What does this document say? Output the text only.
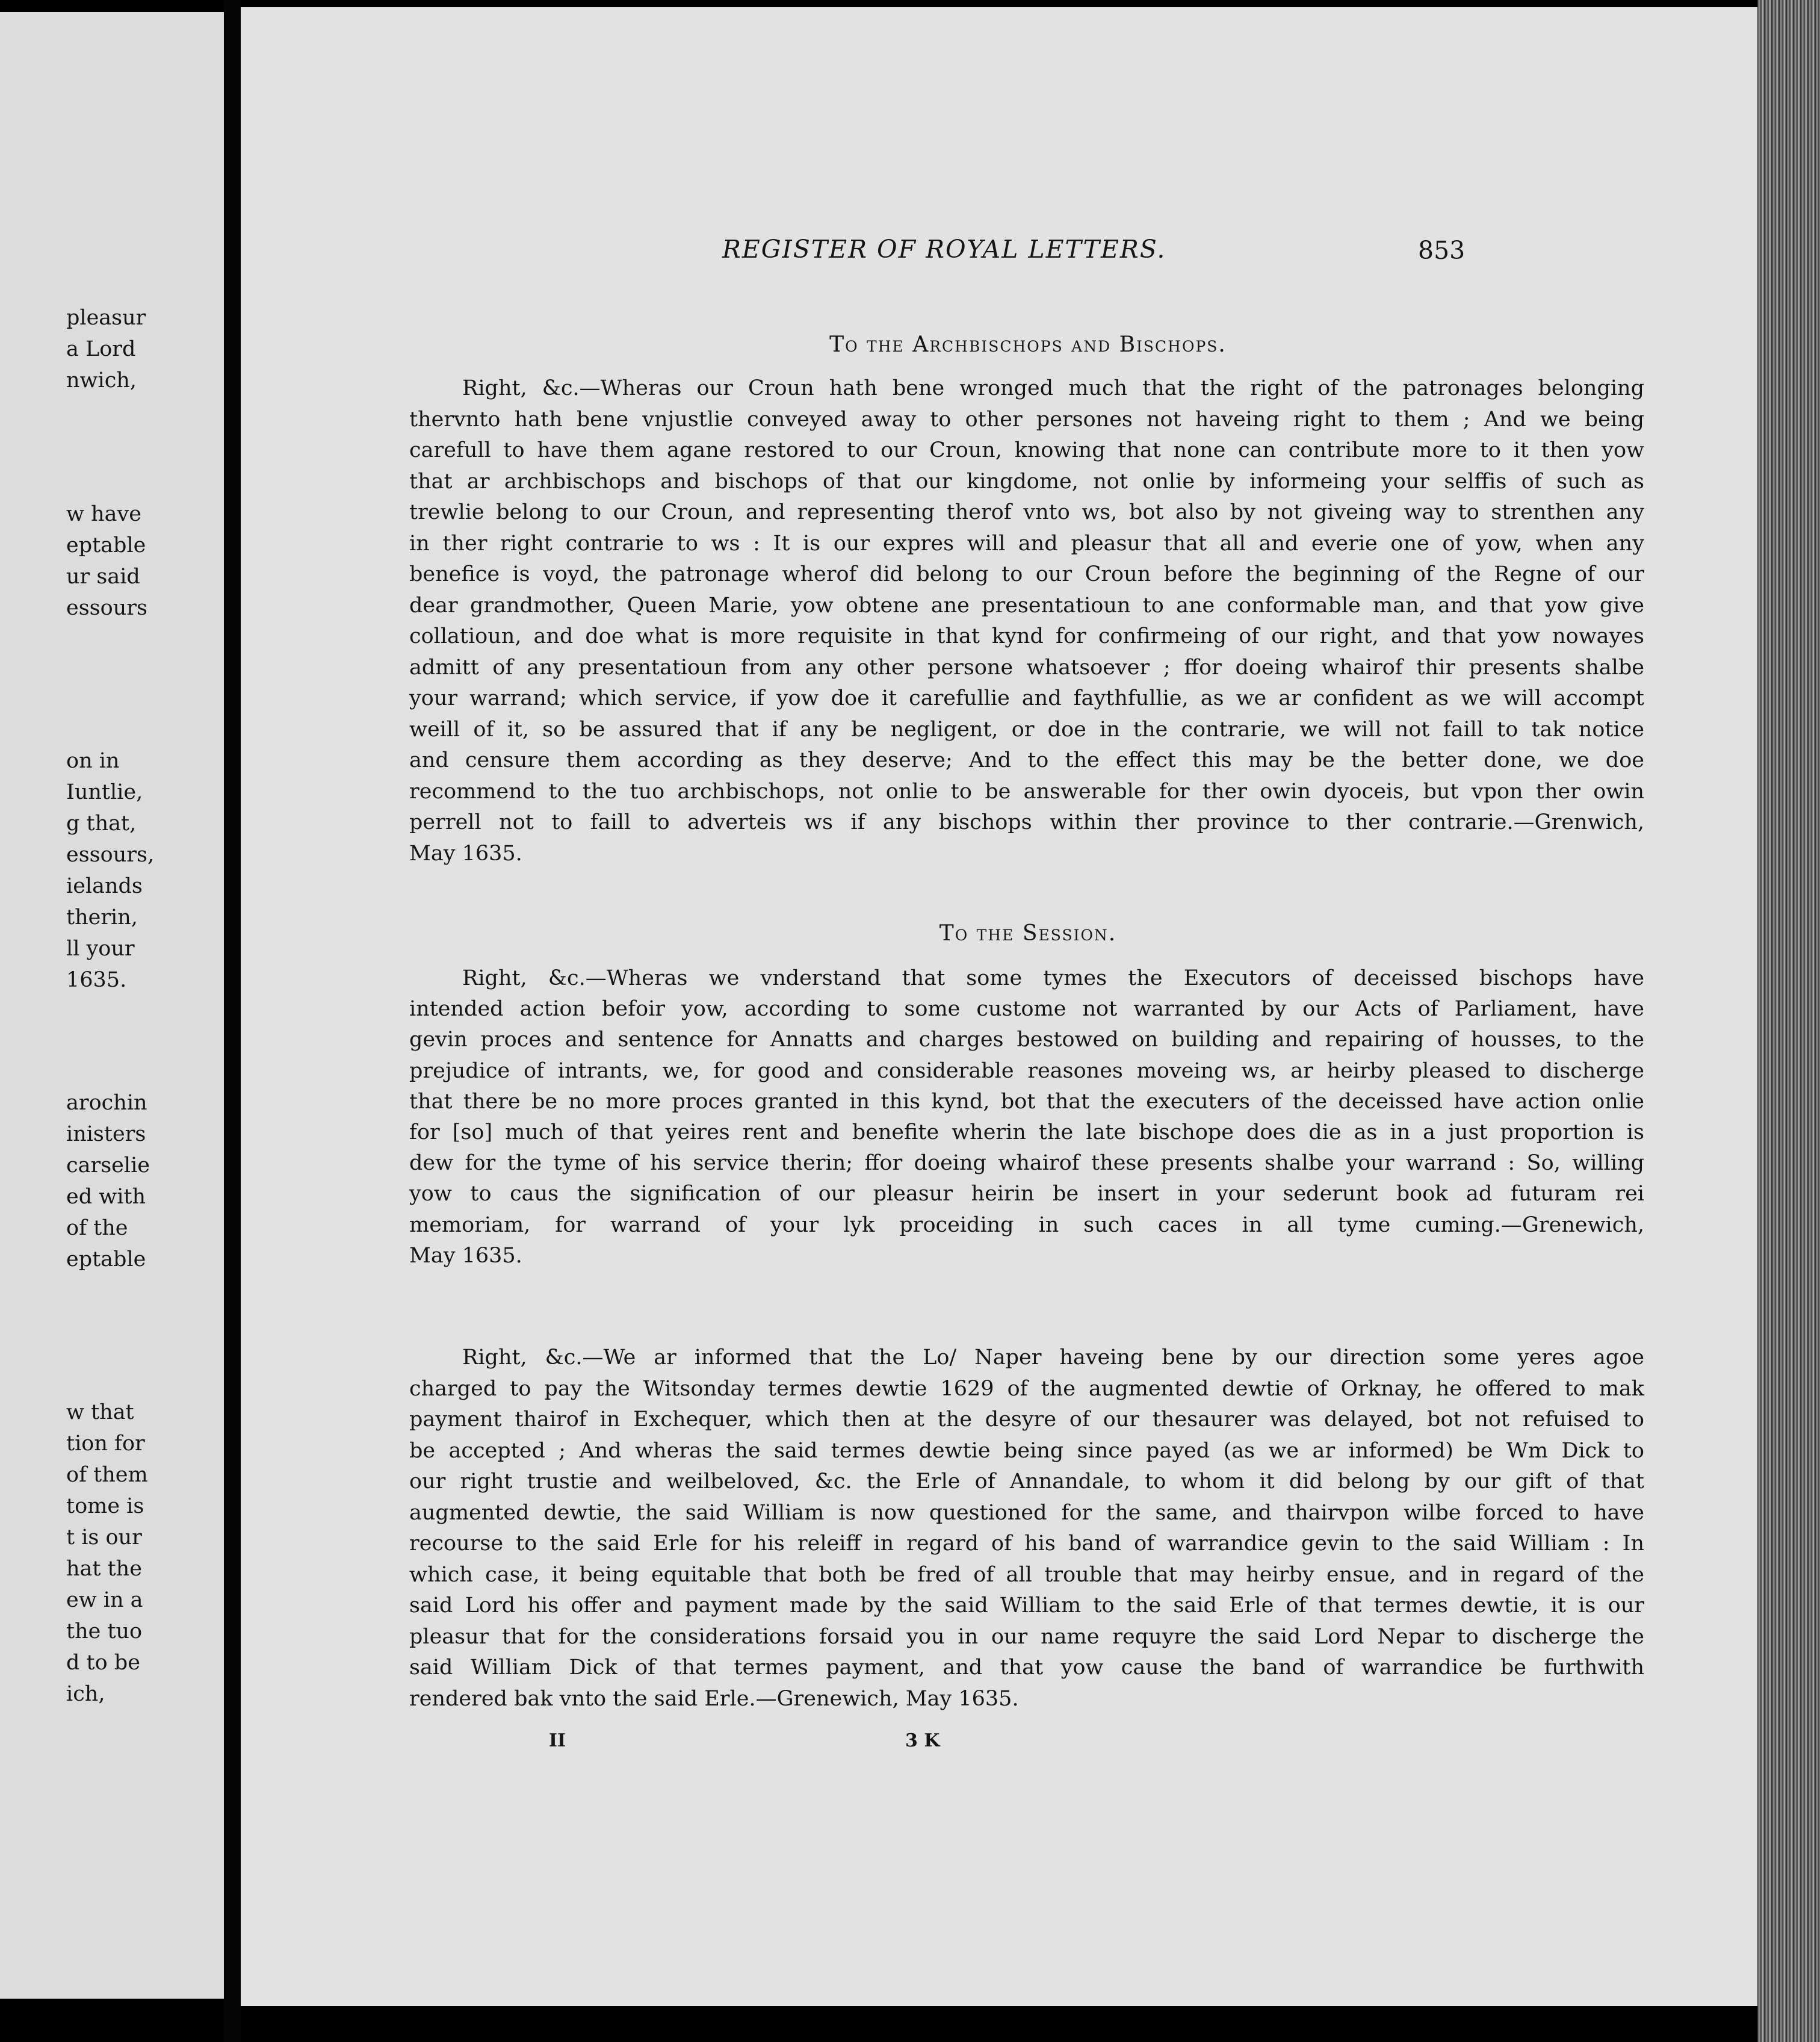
pleasur
a Lord
nwich,
w have
eptable
ur said
essours
on in
Iuntlie,
g that,
essours,
ielands
therin,
ll your
1635.
arochin
inisters
carselie
ed with
of the
eptable
w that
tion for
of them
tome is
t is our
hat the
ew in a
the tuo
d to be
ich,
REGISTER OF ROYAL LETTERS.	853
To the Archbischops and Bischops.
Right, &c.—Wheras our Croun hath bene wronged much that the right of the patronages belonging
thervnto hath bene vnjustlie conveyed away to other persones not haveing right to them ; And we being
carefull to have them agane restored to our Croun, knowing that none can contribute more to it then yow
that ar archbischops and bischops of that our kingdome, not onlie by informeing your selffis of such as
trewlie belong to our Croun, and representing therof vnto ws, bot also by not giveing way to strenthen any
in ther right contrarie to ws : It is our expres will and pleasur that all and everie one of yow, when any
benefice is voyd, the patronage wherof did belong to our Croun before the beginning of the Regne of our
dear grandmother, Queen Marie, yow obtene ane presentatioun to ane conformable man, and that yow give
collatioun, and doe what is more requisite in that kynd for confirmeing of our right, and that yow nowayes
admitt of any presentatioun from any other persone whatsoever ; ffor doeing whairof thir presents shalbe
your warrand; which service, if yow doe it carefullie and faythfullie, as we ar confident as we will accompt
weill of it, so be assured that if any be negligent, or doe in the contrarie, we will not faill to tak notice
and censure them according as they deserve; And to the effect this may be the better done, we doe
recommend to the tuo archbischops, not onlie to be answerable for ther owin dyoceis, but vpon ther owin
perrell not to faill to adverteis ws if any bischops within ther province to ther contrarie.—Grenwich,
May 1635.
To the Session.
Right, &c.—Wheras we vnderstand that some tymes the Executors of deceissed bischops have
intended action befoir yow, according to some custome not warranted by our Acts of Parliament, have
gevin proces and sentence for Annatts and charges bestowed on building and repairing of housses, to the
prejudice of intrants, we, for good and considerable reasones moveing ws, ar heirby pleased to discherge
that there be no more proces granted in this kynd, bot that the executers of the deceissed have action onlie
for [so] much of that yeires rent and benefite wherin the late bischope does die as in a just proportion is
dew for the tyme of his service therin; ffor doeing whairof these presents shalbe your warrand : So, willing
yow to caus the signification of our pleasur heirin be insert in your sederunt book ad futuram rei
memoriam, for warrand of your lyk proceiding in such caces in all tyme cuming.—Grenewich,
May 1635.
Right, &c.—We ar informed that the Lo/ Naper haveing bene by our direction some yeres agoe
charged to pay the Witsonday termes dewtie 1629 of the augmented dewtie of Orknay, he offered to mak
payment thairof in Exchequer, which then at the desyre of our thesaurer was delayed, bot not refuised to
be accepted ; And wheras the said termes dewtie being since payed (as we ar informed) be Wm Dick to
our right trustie and weilbeloved, &c. the Erle of Annandale, to whom it did belong by our gift of that
augmented dewtie, the said William is now questioned for the same, and thairvpon wilbe forced to have
recourse to the said Erle for his releiff in regard of his band of warrandice gevin to the said William : In
which case, it being equitable that both be fred of all trouble that may heirby ensue, and in regard of the
said Lord his offer and payment made by the said William to the said Erle of that termes dewtie, it is our
pleasur that for the considerations forsaid you in our name requyre the said Lord Nepar to discherge the
said William Dick of that termes payment, and that yow cause the band of warrandice be furthwith
rendered bak vnto the said Erle.—Grenewich, May 1635.
II	3 K
